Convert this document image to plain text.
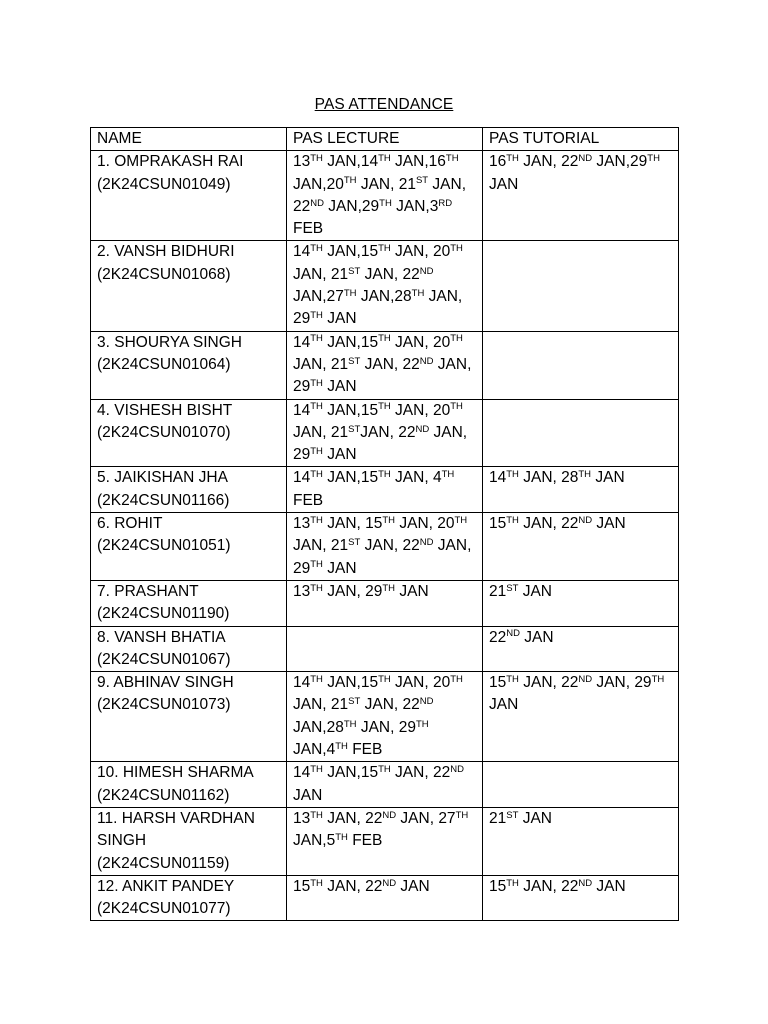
PAS ATTENDANCE
NAME	PAS LECTURE	PAS TUTORIAL

1. OMPRAKASH RAI
(2K24CSUN01049)	13TH JAN,14TH JAN,16TH JAN,20TH JAN, 21ST JAN, 22ND JAN,29TH JAN,3RD FEB	16TH JAN, 22ND JAN,29TH JAN

2. VANSH BIDHURI
(2K24CSUN01068)	14TH JAN,15TH JAN, 20TH JAN, 21ST JAN, 22ND JAN,27TH JAN,28TH JAN, 29TH JAN	

3. SHOURYA SINGH
(2K24CSUN01064)	14TH JAN,15TH JAN, 20TH JAN, 21ST JAN, 22ND JAN, 29TH JAN	

4. VISHESH BISHT
(2K24CSUN01070)	14TH JAN,15TH JAN, 20TH JAN, 21STJAN, 22ND JAN, 29TH JAN	

5. JAIKISHAN JHA
(2K24CSUN01166)	14TH JAN,15TH JAN, 4TH FEB	14TH JAN, 28TH JAN

6. ROHIT
(2K24CSUN01051)	13TH JAN, 15TH JAN, 20TH JAN, 21ST JAN, 22ND JAN, 29TH JAN	15TH JAN, 22ND JAN

7. PRASHANT
(2K24CSUN01190)	13TH JAN, 29TH JAN	21ST JAN

8. VANSH BHATIA
(2K24CSUN01067)		22ND JAN

9. ABHINAV SINGH
(2K24CSUN01073)	14TH JAN,15TH JAN, 20TH JAN, 21ST JAN, 22ND JAN,28TH JAN, 29TH JAN,4TH FEB	15TH JAN, 22ND JAN, 29TH JAN

10. HIMESH SHARMA
(2K24CSUN01162)	14TH JAN,15TH JAN, 22ND JAN	

11. HARSH VARDHAN SINGH
(2K24CSUN01159)	13TH JAN, 22ND JAN, 27TH JAN,5TH FEB	21ST JAN

12. ANKIT PANDEY
(2K24CSUN01077)	15TH JAN, 22ND JAN	15TH JAN, 22ND JAN
